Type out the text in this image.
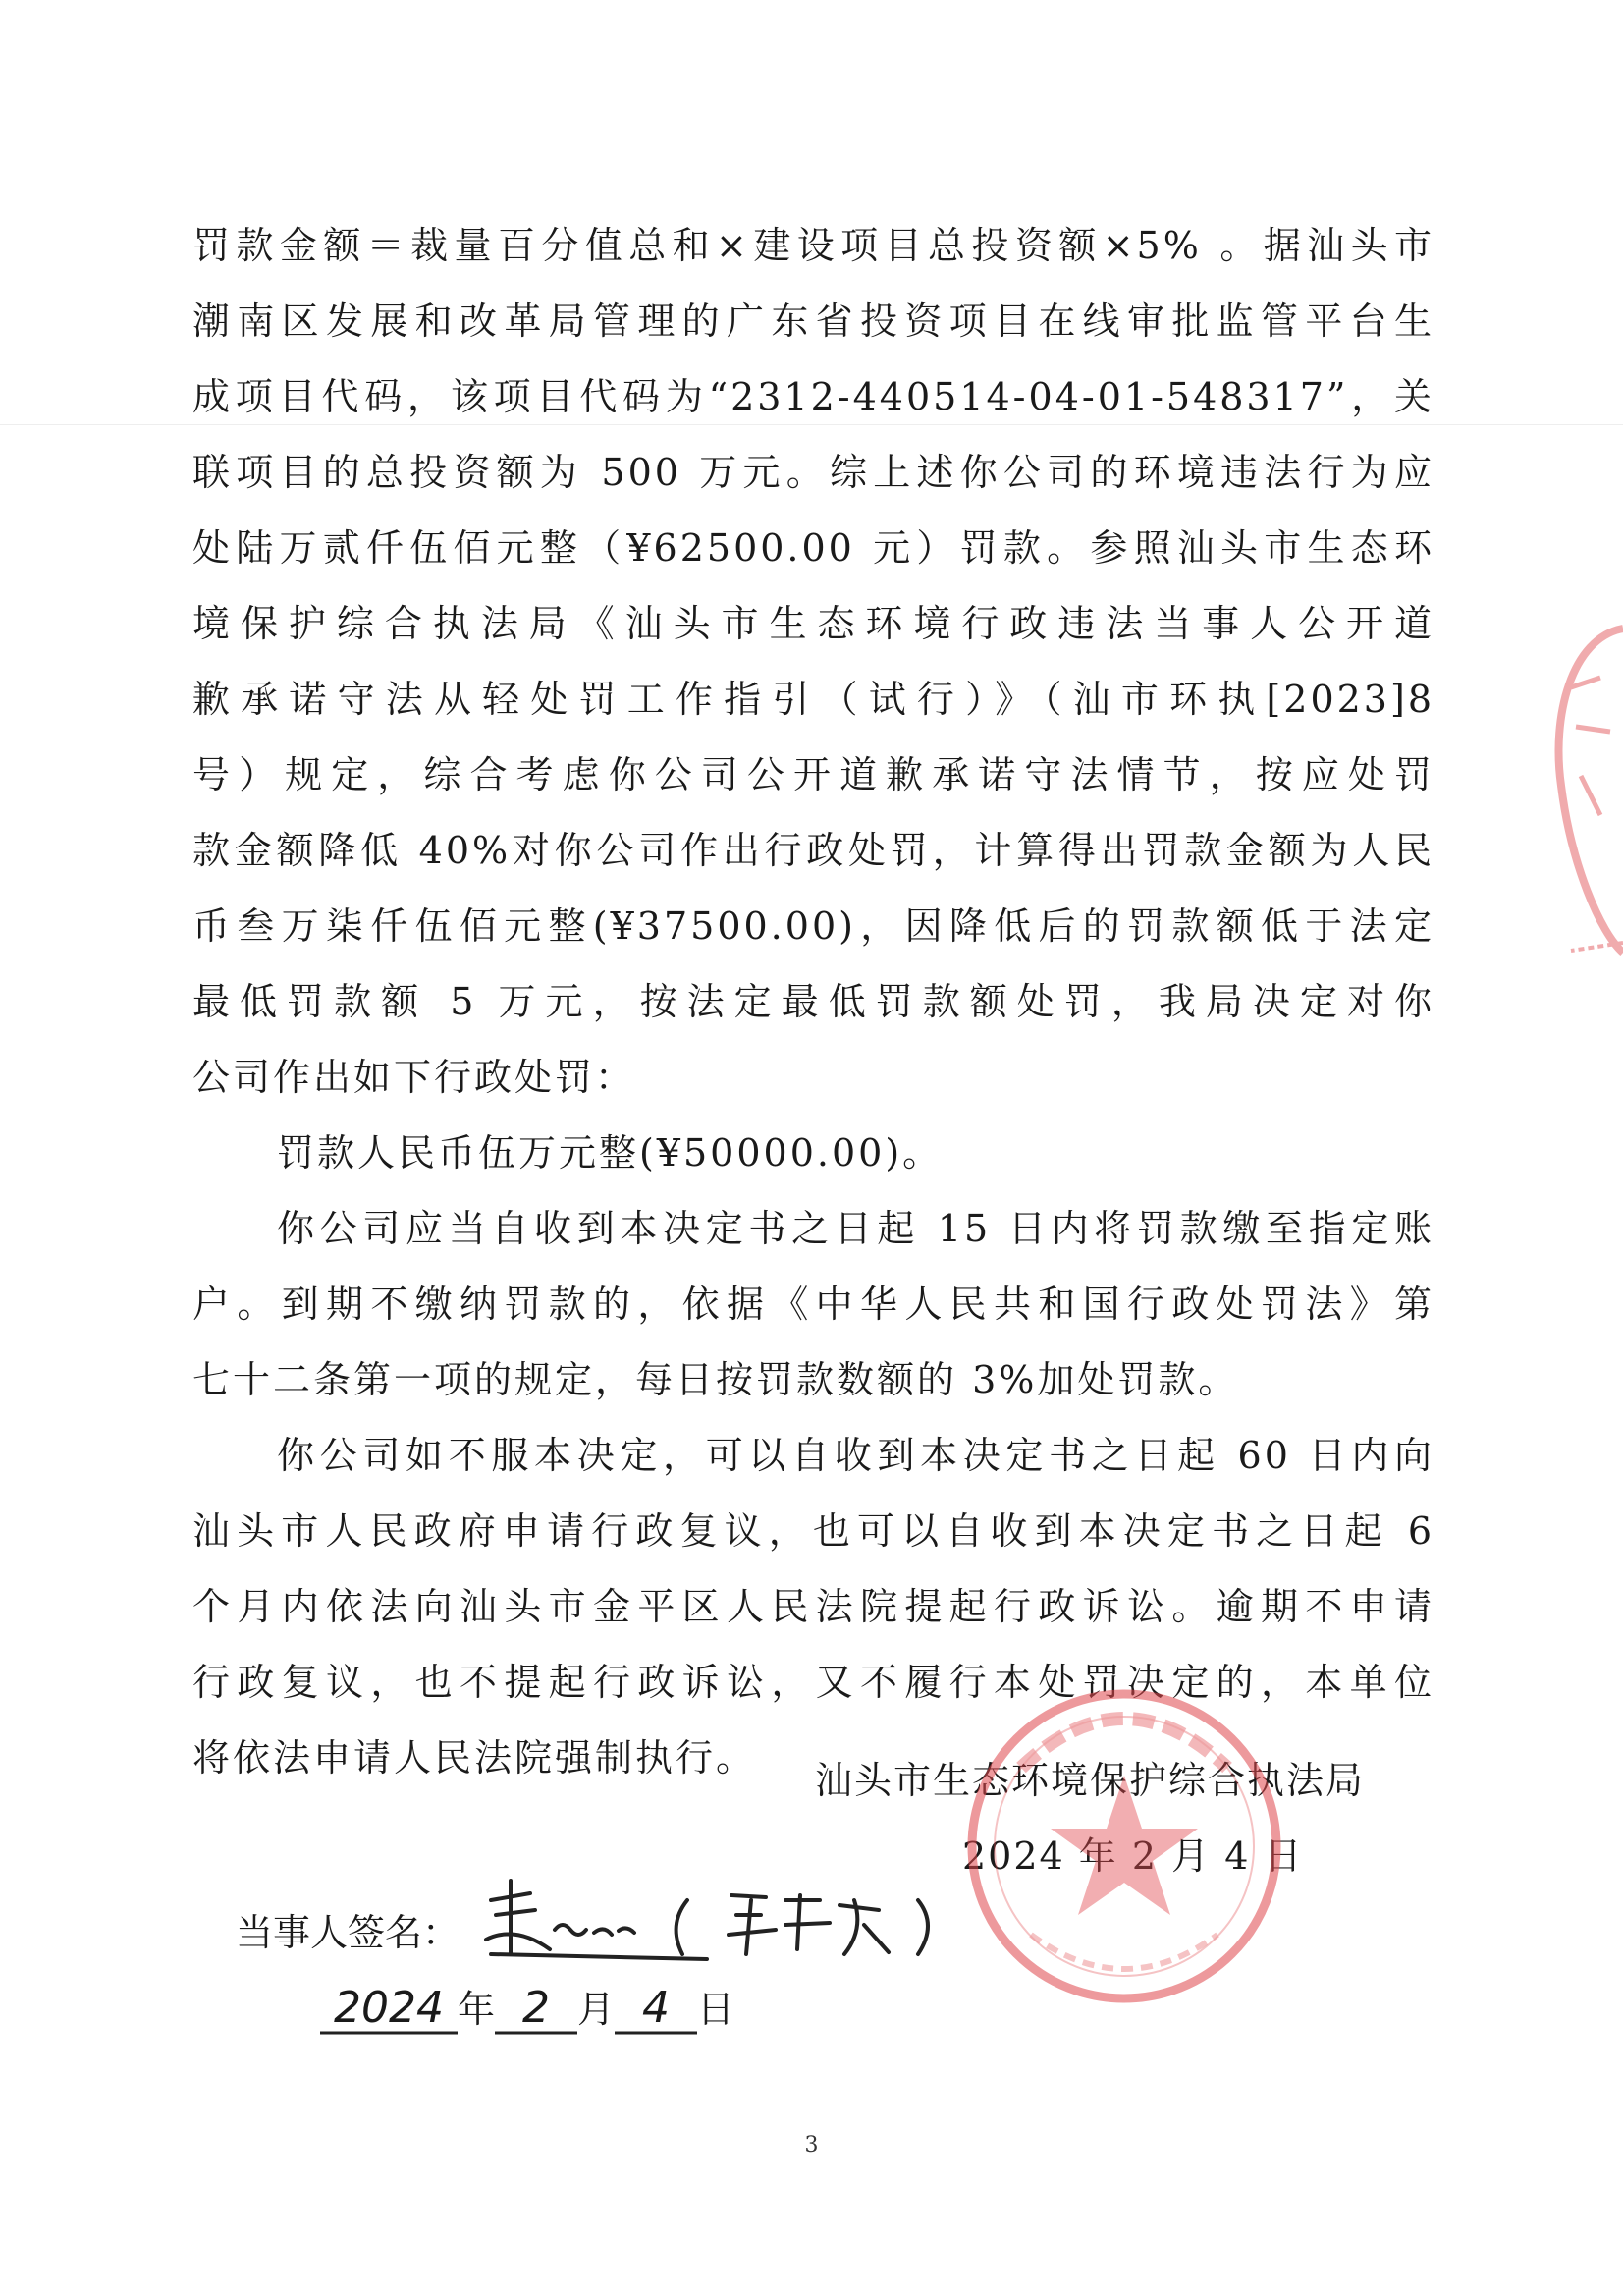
罚款金额＝裁量百分值总和×建设项目总投资额×5% 。据汕头市
潮南区发展和改革局管理的广东省投资项目在线审批监管平台生
成项目代码，该项目代码为“2312-440514-04-01-548317”，关
联项目的总投资额为 500 万元。综上述你公司的环境违法行为应
处陆万贰仟伍佰元整（¥62500.00 元）罚款。参照汕头市生态环
境保护综合执法局《汕头市生态环境行政违法当事人公开道
歉承诺守法从轻处罚工作指引（试行）》（汕市环执[2023]8
号）规定，综合考虑你公司公开道歉承诺守法情节，按应处罚
款金额降低 40%对你公司作出行政处罚，计算得出罚款金额为人民
币叁万柒仟伍佰元整(¥37500.00)，因降低后的罚款额低于法定
最低罚款额 5 万元，按法定最低罚款额处罚，我局决定对你
公司作出如下行政处罚：
罚款人民币伍万元整(¥50000.00)。
你公司应当自收到本决定书之日起 15 日内将罚款缴至指定账
户。到期不缴纳罚款的，依据《中华人民共和国行政处罚法》第
七十二条第一项的规定，每日按罚款数额的 3%加处罚款。
你公司如不服本决定，可以自收到本决定书之日起 60 日内向
汕头市人民政府申请行政复议，也可以自收到本决定书之日起 6
个月内依法向汕头市金平区人民法院提起行政诉讼。逾期不申请
行政复议，也不提起行政诉讼，又不履行本处罚决定的，本单位
将依法申请人民法院强制执行。
汕头市生态环境保护综合执法局
2024 年 2 月 4 日
当事人签名：
2024 年 2 月 4 日
3
